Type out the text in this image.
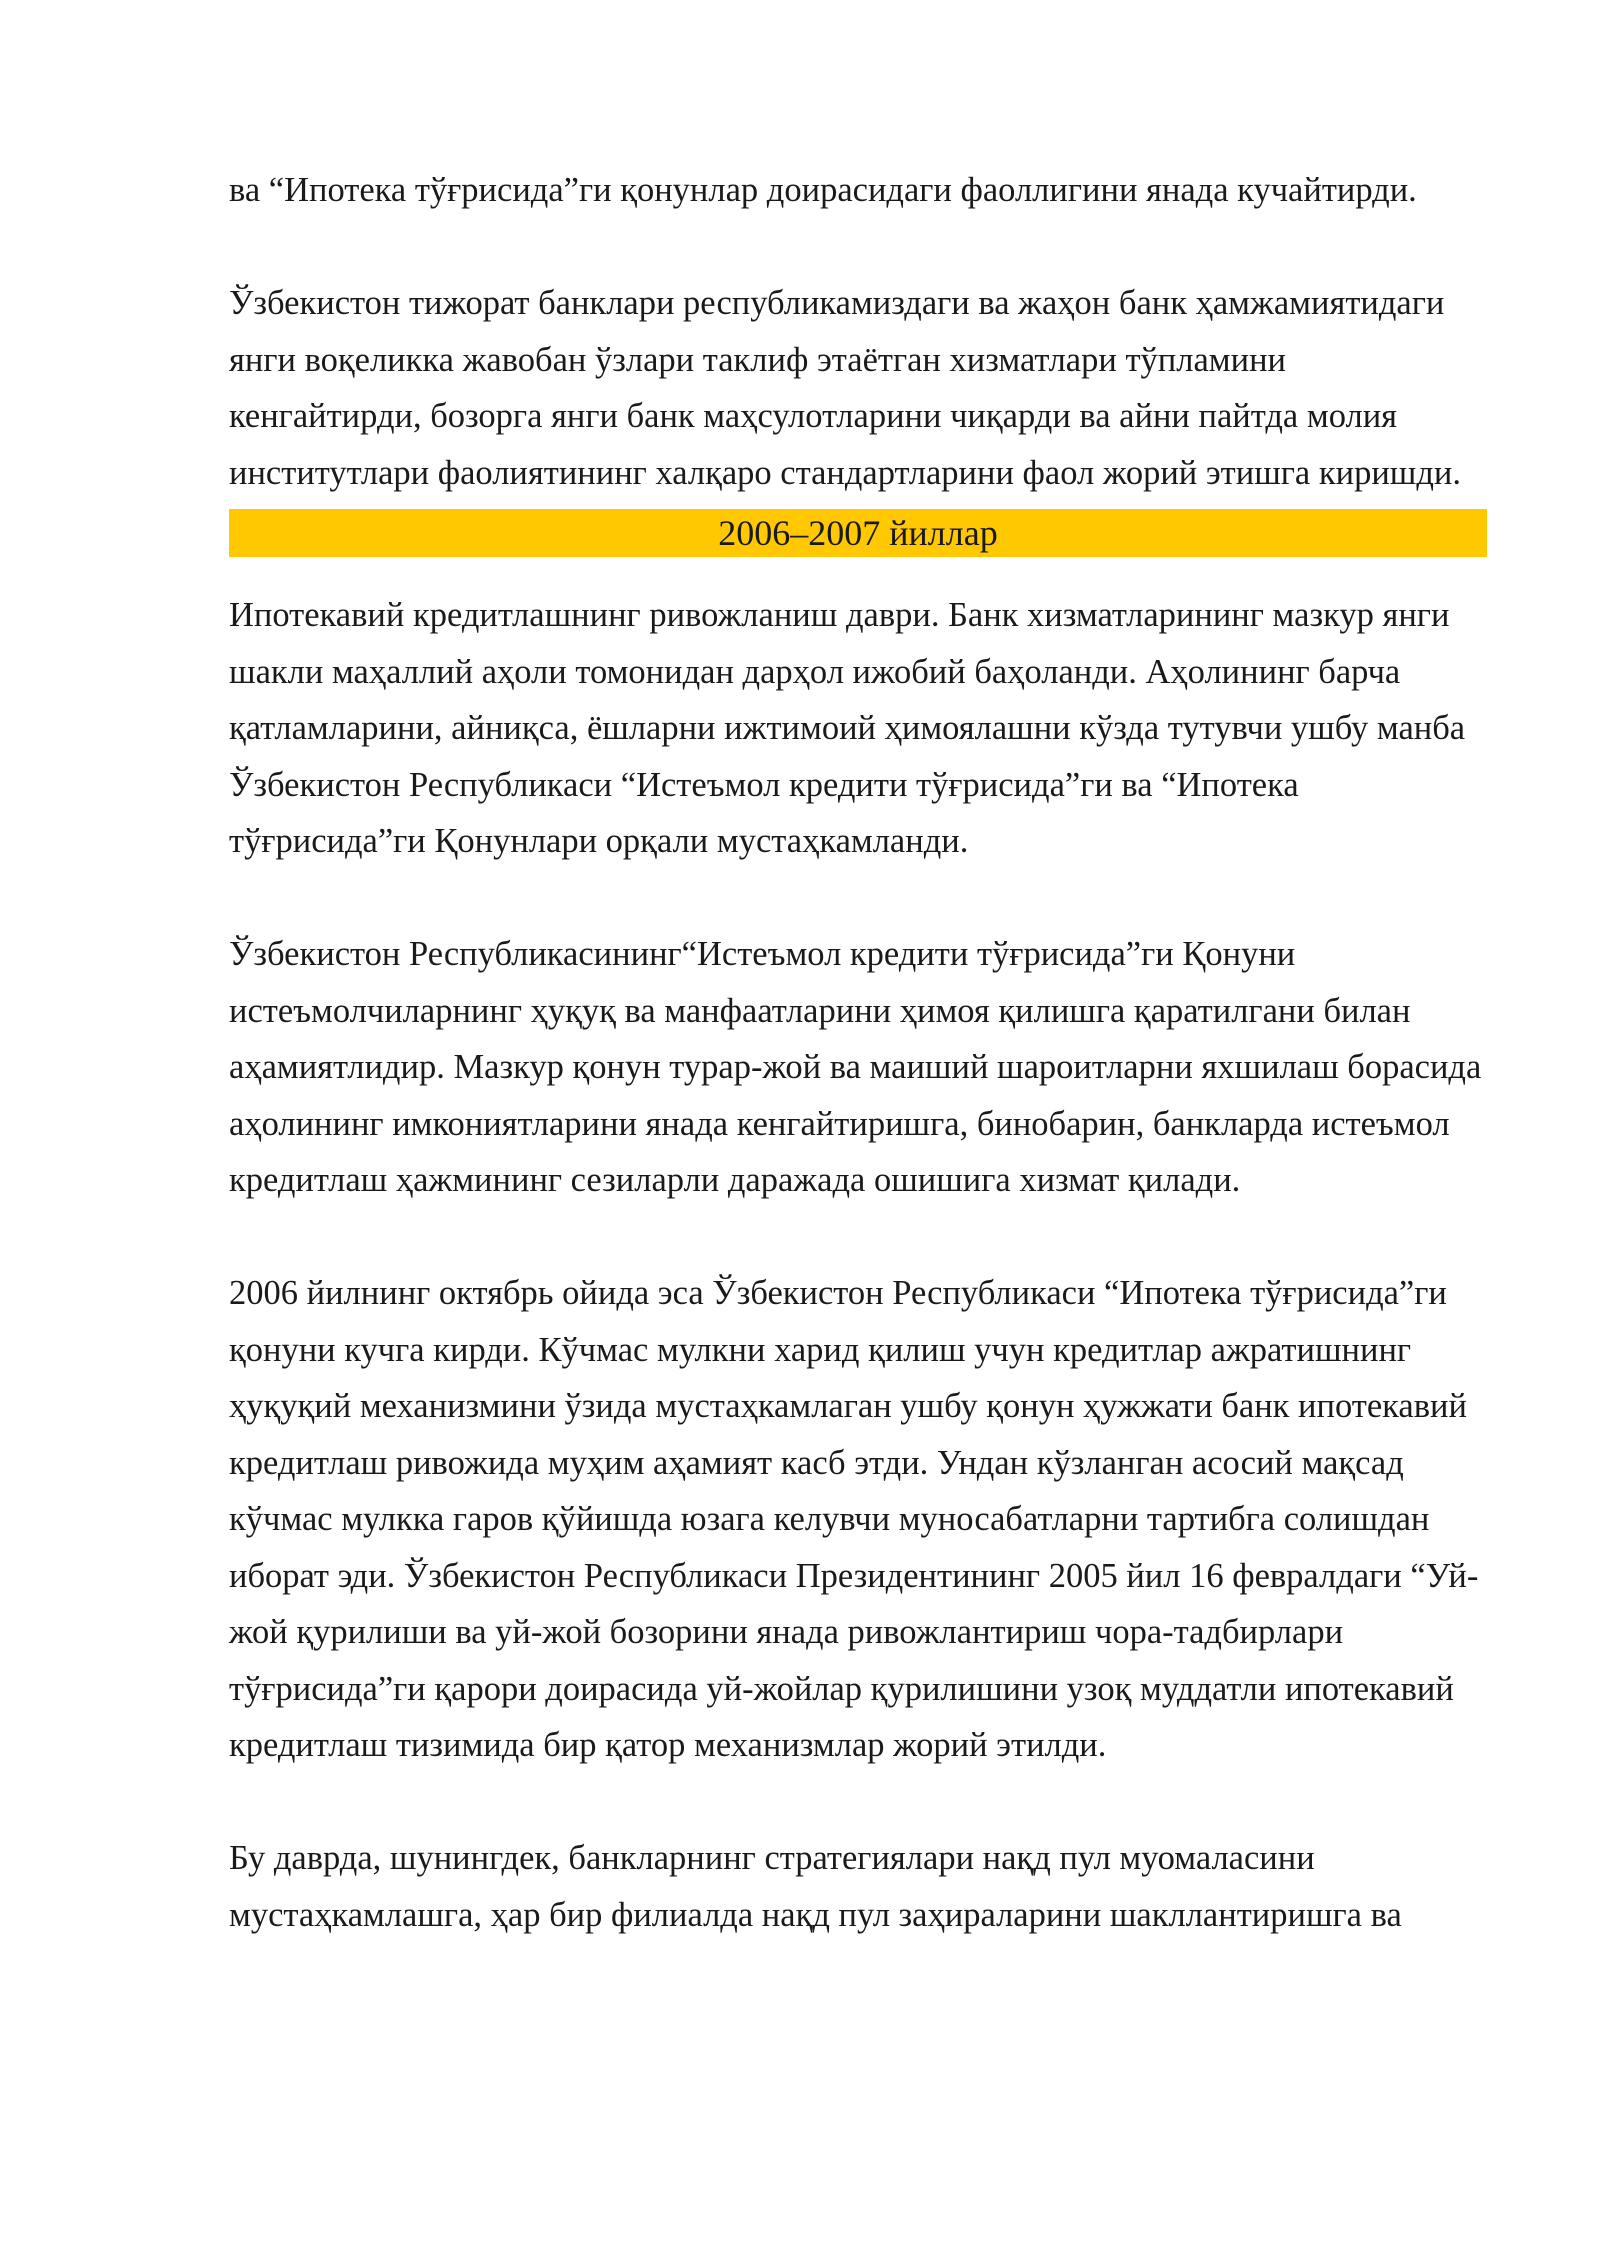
ва “Ипотека тўғрисида”ги қонунлар доирасидаги фаоллигини янада кучайтирди.

Ўзбекистон тижорат банклари республикамиздаги ва жаҳон банк ҳамжамиятидаги янги воқеликка жавобан ўзлари таклиф этаётган хизматлари тўпламини кенгайтирди, бозорга янги банк маҳсулотларини чиқарди ва айни пайтда молия институтлари фаолиятининг халқаро стандартларини фаол жорий этишга киришди.

2006–2007 йиллар

Ипотекавий кредитлашнинг ривожланиш даври. Банк хизматларининг мазкур янги шакли маҳаллий аҳоли томонидан дарҳол ижобий баҳоланди. Аҳолининг барча қатламларини, айниқса, ёшларни ижтимоий ҳимоялашни кўзда тутувчи ушбу манба Ўзбекистон Республикаси “Истеъмол кредити тўғрисида”ги ва “Ипотека тўғрисида”ги Қонунлари орқали мустаҳкамланди.

Ўзбекистон Республикасининг“Истеъмол кредити тўғрисида”ги Қонуни истеъмолчиларнинг ҳуқуқ ва манфаатларини ҳимоя қилишга қаратилгани билан аҳамиятлидир. Мазкур қонун турар-жой ва маиший шароитларни яхшилаш борасида аҳолининг имкониятларини янада кенгайтиришга, бинобарин, банкларда истеъмол кредитлаш ҳажмининг сезиларли даражада ошишига хизмат қилади.

2006 йилнинг октябрь ойида эса Ўзбекистон Республикаси “Ипотека тўғрисида”ги қонуни кучга кирди. Кўчмас мулкни харид қилиш учун кредитлар ажратишнинг ҳуқуқий механизмини ўзида мустаҳкамлаган ушбу қонун ҳужжати банк ипотекавий кредитлаш ривожида муҳим аҳамият касб этди. Ундан кўзланган асосий мақсад кўчмас мулкка гаров қўйишда юзага келувчи муносабатларни тартибга солишдан иборат эди. Ўзбекистон Республикаси Президентининг 2005 йил 16 февралдаги “Уй-жой қурилиши ва уй-жой бозорини янада ривожлантириш чора-тадбирлари тўғрисида”ги қарори доирасида уй-жойлар қурилишини узоқ муддатли ипотекавий кредитлаш тизимида бир қатор механизмлар жорий этилди.

Бу даврда, шунингдек, банкларнинг стратегиялари нақд пул муомаласини мустаҳкамлашга, ҳар бир филиалда нақд пул заҳираларини шакллантиришга ва
